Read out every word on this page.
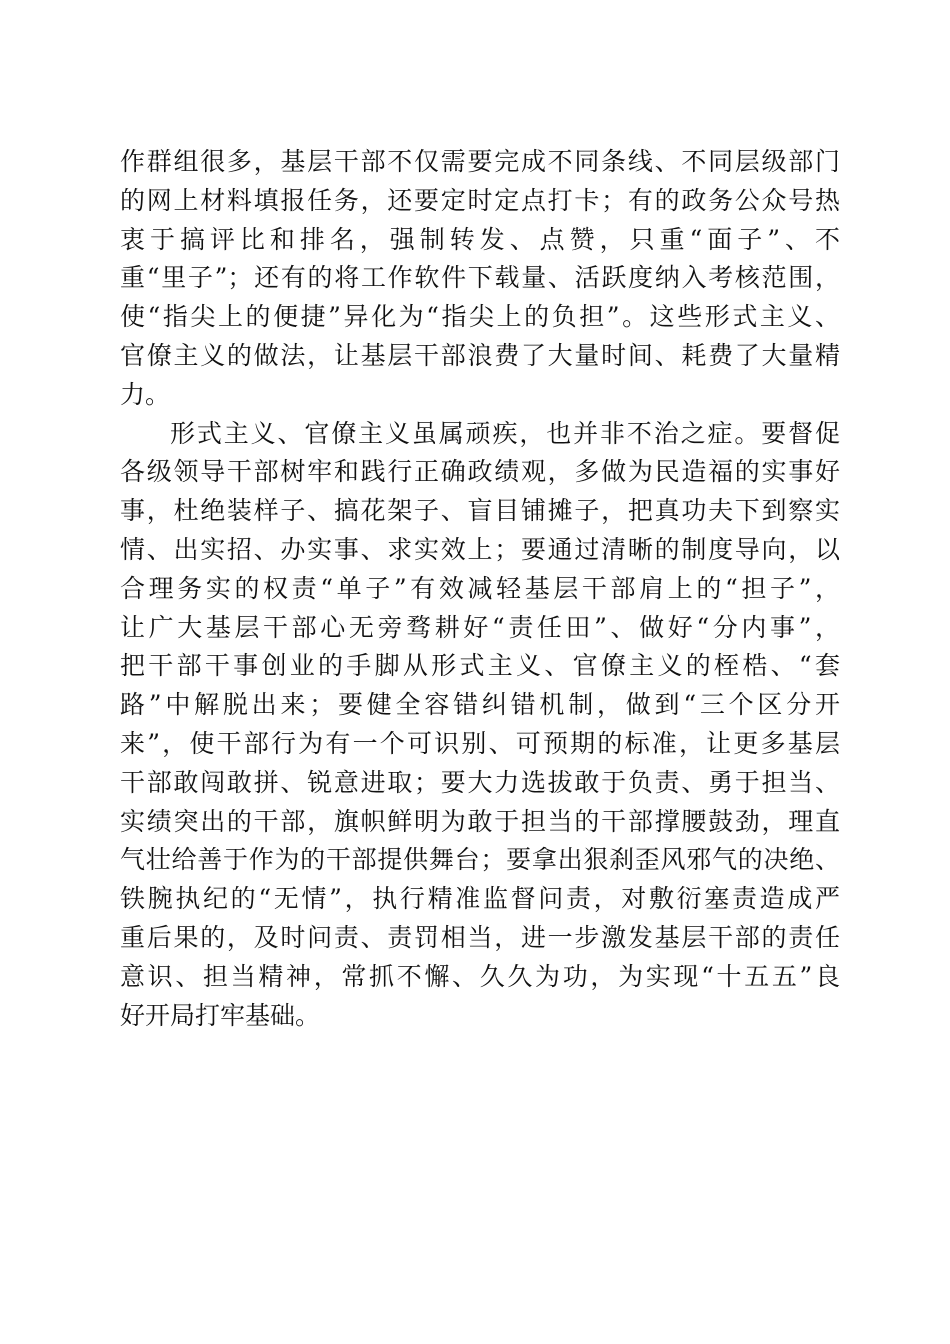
作群组很多，基层干部不仅需要完成不同条线、不同层级部门
的网上材料填报任务，还要定时定点打卡；有的政务公众号热
衷于搞评比和排名，强制转发、点赞，只重“面子”、不
重“里子”；还有的将工作软件下载量、活跃度纳入考核范围，
使“指尖上的便捷”异化为“指尖上的负担”。这些形式主义、
官僚主义的做法，让基层干部浪费了大量时间、耗费了大量精
力。
形式主义、官僚主义虽属顽疾，也并非不治之症。要督促
各级领导干部树牢和践行正确政绩观，多做为民造福的实事好
事，杜绝装样子、搞花架子、盲目铺摊子，把真功夫下到察实
情、出实招、办实事、求实效上；要通过清晰的制度导向，以
合理务实的权责“单子”有效减轻基层干部肩上的“担子”，
让广大基层干部心无旁骛耕好“责任田”、做好“分内事”，
把干部干事创业的手脚从形式主义、官僚主义的桎梏、“套
路”中解脱出来；要健全容错纠错机制，做到“三个区分开
来”，使干部行为有一个可识别、可预期的标准，让更多基层
干部敢闯敢拼、锐意进取；要大力选拔敢于负责、勇于担当、
实绩突出的干部，旗帜鲜明为敢于担当的干部撑腰鼓劲，理直
气壮给善于作为的干部提供舞台；要拿出狠刹歪风邪气的决绝、
铁腕执纪的“无情”，执行精准监督问责，对敷衍塞责造成严
重后果的，及时问责、责罚相当，进一步激发基层干部的责任
意识、担当精神，常抓不懈、久久为功，为实现“十五五”良
好开局打牢基础。
